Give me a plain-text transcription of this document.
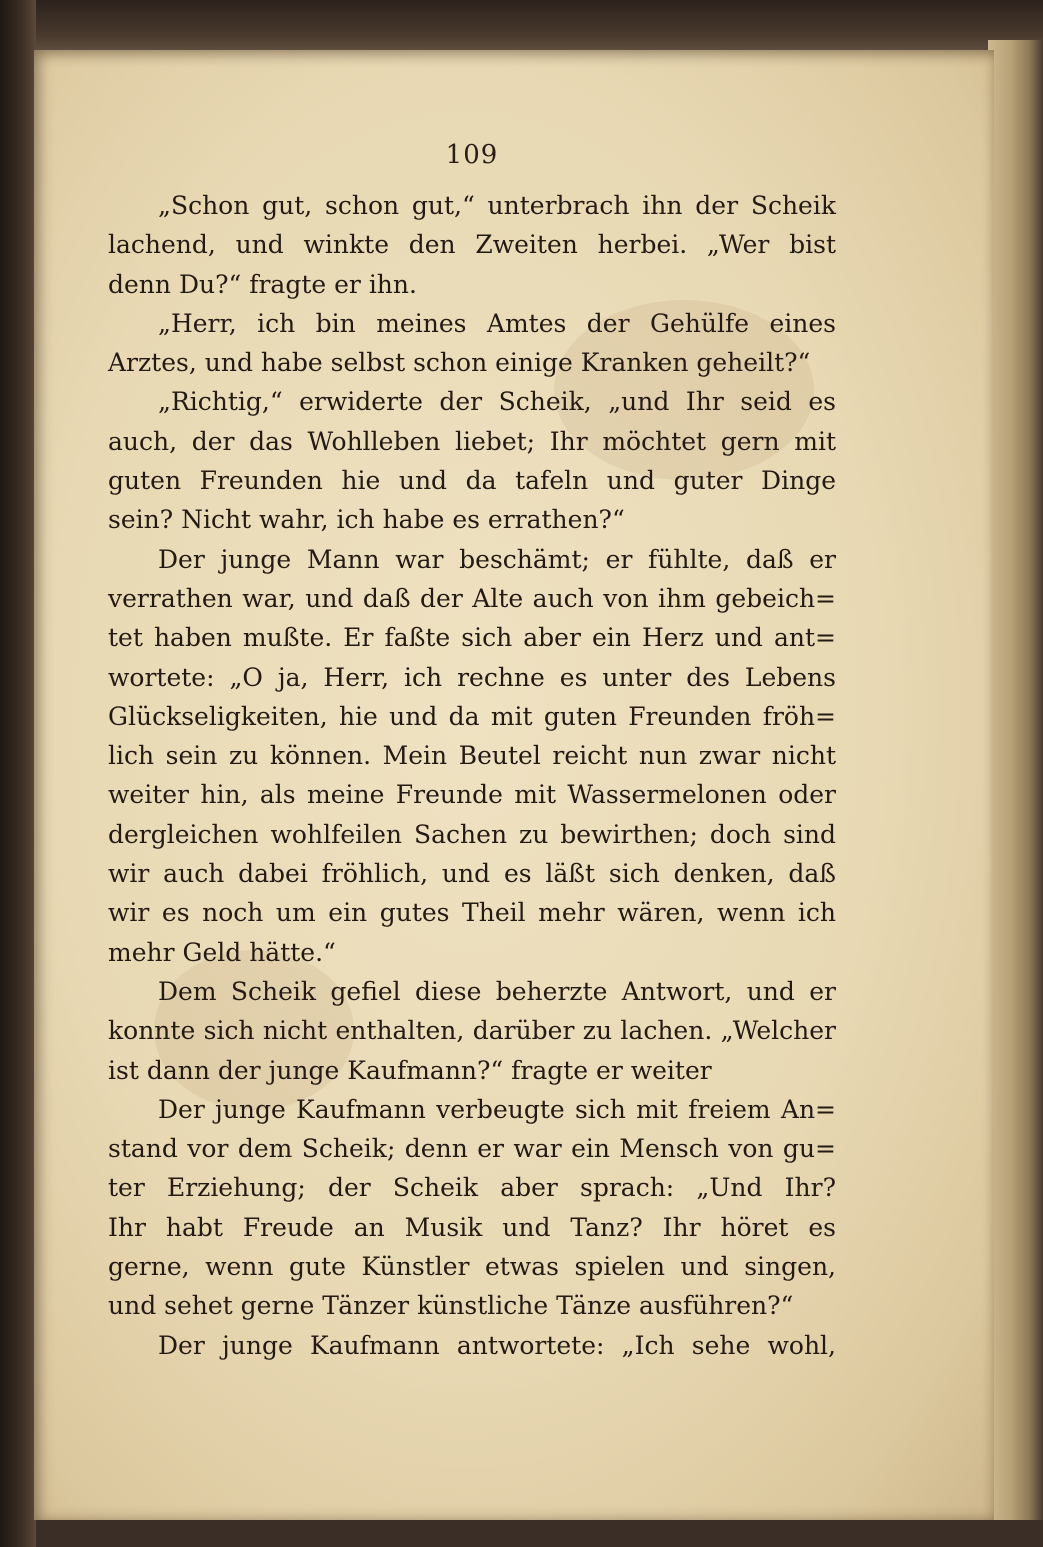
109
„Schon gut, schon gut,“ unterbrach ihn der Scheik
lachend, und winkte den Zweiten herbei. „Wer bist
denn Du?“ fragte er ihn.
„Herr, ich bin meines Amtes der Gehülfe eines
Arztes, und habe selbst schon einige Kranken geheilt?“
„Richtig,“ erwiderte der Scheik, „und Ihr seid es
auch, der das Wohlleben liebet; Ihr möchtet gern mit
guten Freunden hie und da tafeln und guter Dinge
sein? Nicht wahr, ich habe es errathen?“
Der junge Mann war beschämt; er fühlte, daß er
verrathen war, und daß der Alte auch von ihm gebeich=
tet haben mußte. Er faßte sich aber ein Herz und ant=
wortete: „O ja, Herr, ich rechne es unter des Lebens
Glückseligkeiten, hie und da mit guten Freunden fröh=
lich sein zu können. Mein Beutel reicht nun zwar nicht
weiter hin, als meine Freunde mit Wassermelonen oder
dergleichen wohlfeilen Sachen zu bewirthen; doch sind
wir auch dabei fröhlich, und es läßt sich denken, daß
wir es noch um ein gutes Theil mehr wären, wenn ich
mehr Geld hätte.“
Dem Scheik gefiel diese beherzte Antwort, und er
konnte sich nicht enthalten, darüber zu lachen. „Welcher
ist dann der junge Kaufmann?“ fragte er weiter
Der junge Kaufmann verbeugte sich mit freiem An=
stand vor dem Scheik; denn er war ein Mensch von gu=
ter Erziehung; der Scheik aber sprach: „Und Ihr?
Ihr habt Freude an Musik und Tanz? Ihr höret es
gerne, wenn gute Künstler etwas spielen und singen,
und sehet gerne Tänzer künstliche Tänze ausführen?“
Der junge Kaufmann antwortete: „Ich sehe wohl,
